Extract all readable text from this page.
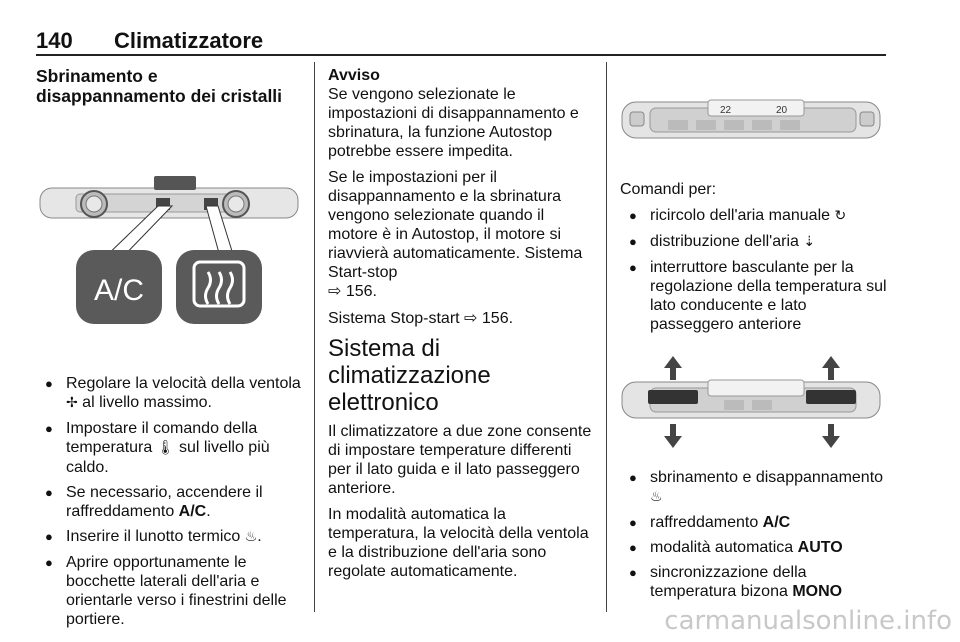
140 Climatizzatore
Sbrinamento e disappannamento dei cristalli
A/C
● Regolare la velocità della ventola ✢ al livello massimo.
● Impostare il comando della temperatura 🌡 sul livello più caldo.
● Se necessario, accendere il raffreddamento A/C.
● Inserire il lunotto termico ♨.
● Aprire opportunamente le bocchette laterali dell'aria e orientarle verso i finestrini delle portiere.
Avviso

Se vengono selezionate le impostazioni di disappannamento e sbrinatura, la funzione Autostop potrebbe essere impedita.

Se le impostazioni per il disappannamento e la sbrinatura vengono selezionate quando il motore è in Autostop, il motore si riavvierà automaticamente. Sistema Start-stop
⇨ 156.

Sistema Stop-start ⇨ 156.

Sistema di climatizzazione elettronico

Il climatizzatore a due zone consente di impostare temperature differenti per il lato guida e il lato passeggero anteriore.

In modalità automatica la temperatura, la velocità della ventola e la distribuzione dell'aria sono regolate automaticamente.

22	20

Comandi per:

● ricircolo dell'aria manuale ↻
● distribuzione dell'aria ⇣
● interruttore basculante per la regolazione della temperatura sul lato conducente e lato passeggero anteriore
● sbrinamento e disappannamento ♨
● raffreddamento A/C
● modalità automatica AUTO
● sincronizzazione della temperatura bizona MONO
carmanualsonline.info
